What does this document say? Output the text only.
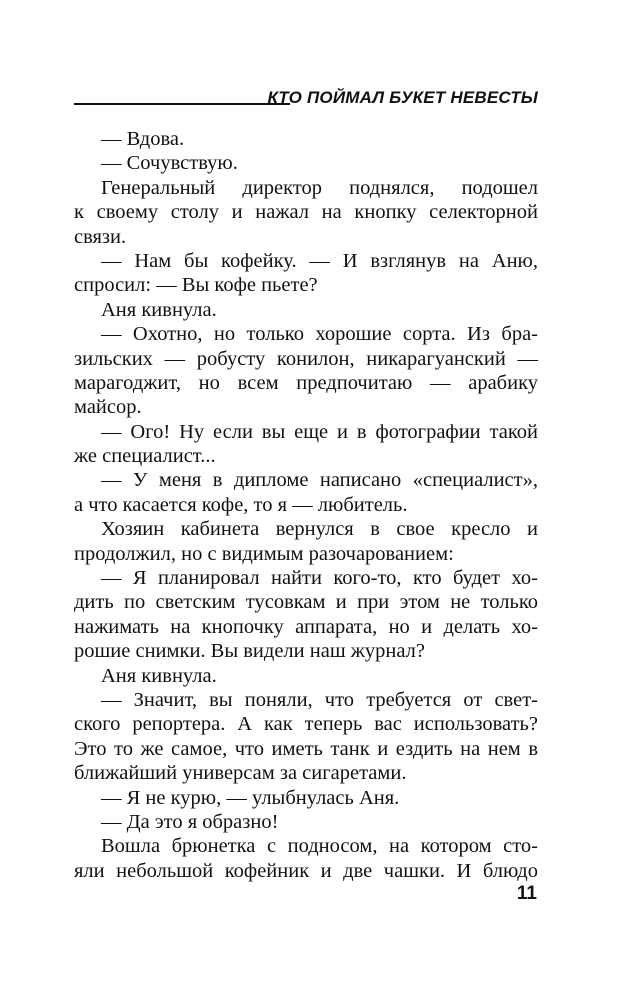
КТО ПОЙМАЛ БУКЕТ НЕВЕСТЫ
— Вдова.
— Сочувствую.
Генеральный директор поднялся, подошел
к своему столу и нажал на кнопку селекторной
связи.
— Нам бы кофейку. — И взглянув на Аню,
спросил: — Вы кофе пьете?
Аня кивнула.
— Охотно, но только хорошие сорта. Из бра-
зильских — робусту конилон, никарагуанский —
марагоджит, но всем предпочитаю — арабику
майсор.
— Ого! Ну если вы еще и в фотографии такой
же специалист...
— У меня в дипломе написано «специалист»,
а что касается кофе, то я — любитель.
Хозяин кабинета вернулся в свое кресло и
продолжил, но с видимым разочарованием:
— Я планировал найти кого-то, кто будет хо-
дить по светским тусовкам и при этом не только
нажимать на кнопочку аппарата, но и делать хо-
рошие снимки. Вы видели наш журнал?
Аня кивнула.
— Значит, вы поняли, что требуется от свет-
ского репортера. А как теперь вас использовать?
Это то же самое, что иметь танк и ездить на нем в
ближайший универсам за сигаретами.
— Я не курю, — улыбнулась Аня.
— Да это я образно!
Вошла брюнетка с подносом, на котором сто-
яли небольшой кофейник и две чашки. И блюдо
11
